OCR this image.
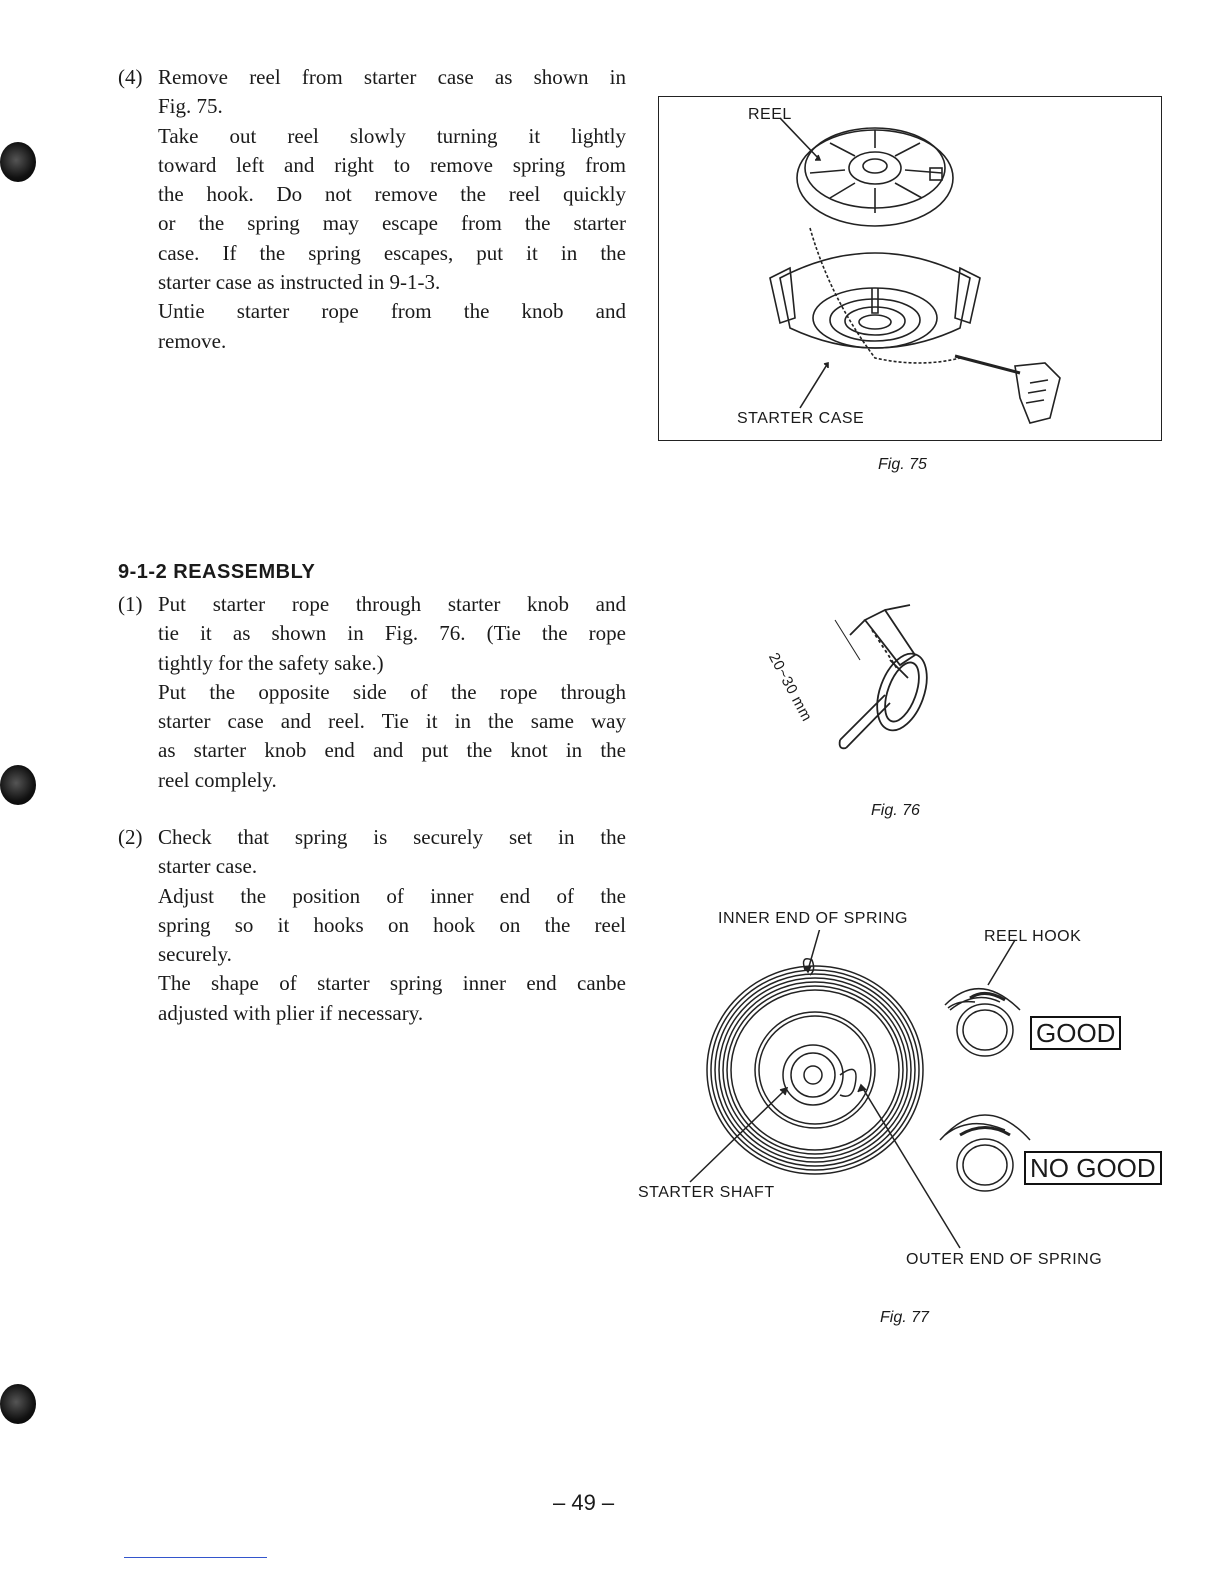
(4) Remove reel from starter case as shown in
Fig. 75.
Take out reel slowly turning it lightly
toward left and right to remove spring from
the hook. Do not remove the reel quickly
or the spring may escape from the starter
case. If the spring escapes, put it in the
starter case as instructed in 9-1-3.
Untie starter rope from the knob and
remove.
REEL
STARTER CASE
Fig. 75
9-1-2 REASSEMBLY
(1) Put starter rope through starter knob and
tie it as shown in Fig. 76. (Tie the rope
tightly for the safety sake.)
Put the opposite side of the rope through
starter case and reel. Tie it in the same way
as starter knob end and put the knot in the
reel complely.
20~30 mm
Fig. 76
(2) Check that spring is securely set in the
starter case.
Adjust the position of inner end of the
spring so it hooks on hook on the reel
securely.
The shape of starter spring inner end canbe
adjusted with plier if necessary.
INNER END OF SPRING
REEL HOOK
STARTER SHAFT
OUTER END OF SPRING
GOOD
NO GOOD
Fig. 77
– 49 –
